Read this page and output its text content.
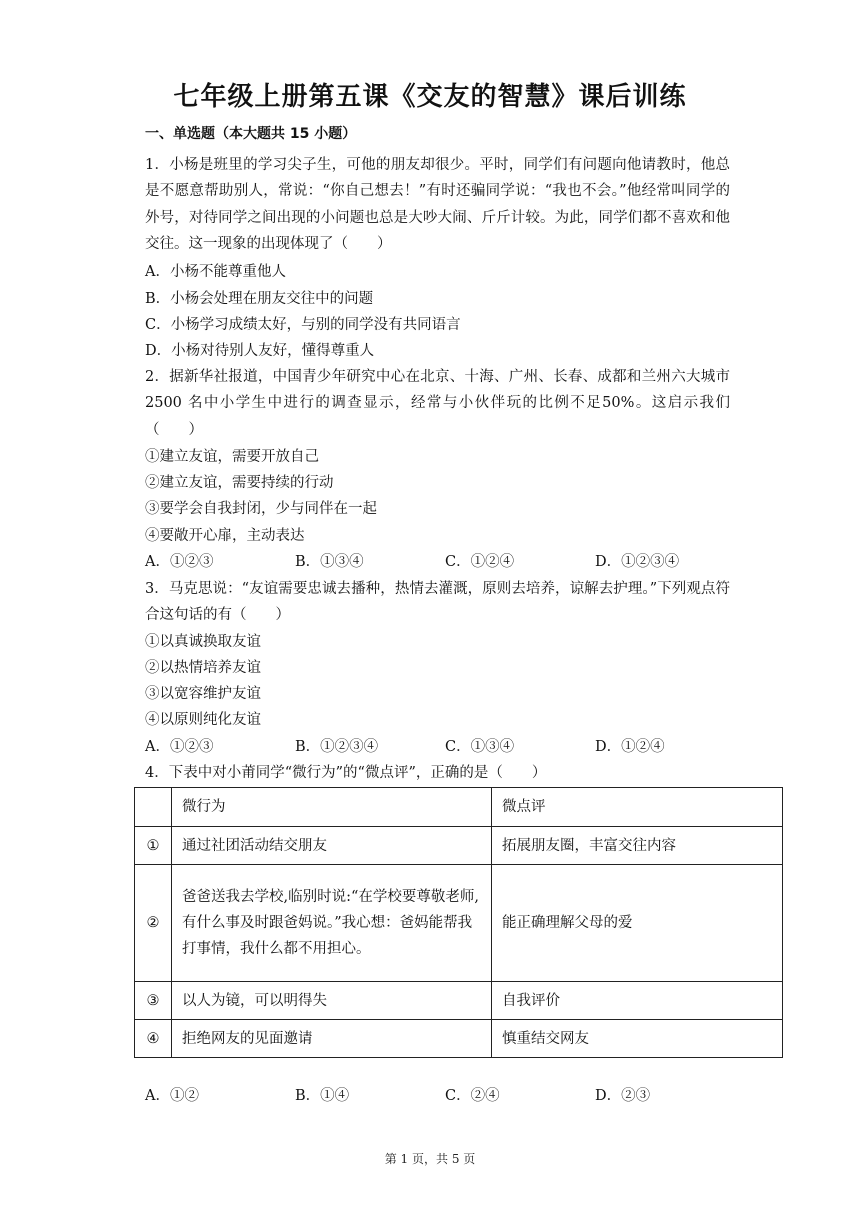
七年级上册第五课《交友的智慧》课后训练
一、单选题（本大题共 15 小题）
1．小杨是班里的学习尖子生，可他的朋友却很少。平时，同学们有问题向他请教时，他总是不愿意帮助别人，常说：“你自己想去！”有时还骗同学说：“我也不会。”他经常叫同学的外号，对待同学之间出现的小问题也总是大吵大闹、斤斤计较。为此，同学们都不喜欢和他交往。这一现象的出现体现了（　　）
A．小杨不能尊重他人
B．小杨会处理在朋友交往中的问题
C．小杨学习成绩太好，与别的同学没有共同语言
D．小杨对待别人友好，懂得尊重人
2．据新华社报道，中国青少年研究中心在北京、十海、广州、长春、成都和兰州六大城市 2500 名中小学生中进行的调查显示，经常与小伙伴玩的比例不足50%。这启示我们（　　）
①建立友谊，需要开放自己
②建立友谊，需要持续的行动
③要学会自我封闭，少与同伴在一起
④要敞开心扉，主动表达
A．①②③	B．①③④	C．①②④	D．①②③④
3．马克思说：“友谊需要忠诚去播种，热情去灌溉，原则去培养，谅解去护理。”下列观点符合这句话的有（　　）
①以真诚换取友谊
②以热情培养友谊
③以宽容维护友谊
④以原则纯化友谊
A．①②③	B．①②③④	C．①③④	D．①②④
4．下表中对小莆同学“微行为”的“微点评”，正确的是（　　）
	微行为	微点评
①	通过社团活动结交朋友	拓展朋友圈，丰富交往内容
②	爸爸送我去学校,临别时说:“在学校要尊敬老师,有什么事及时跟爸妈说。”我心想：爸妈能帮我打事情，我什么都不用担心。	能正确理解父母的爱
③	以人为镜，可以明得失	自我评价
④	拒绝网友的见面邀请	慎重结交网友
A．①②	B．①④	C．②④	D．②③
第 1 页，共 5 页
